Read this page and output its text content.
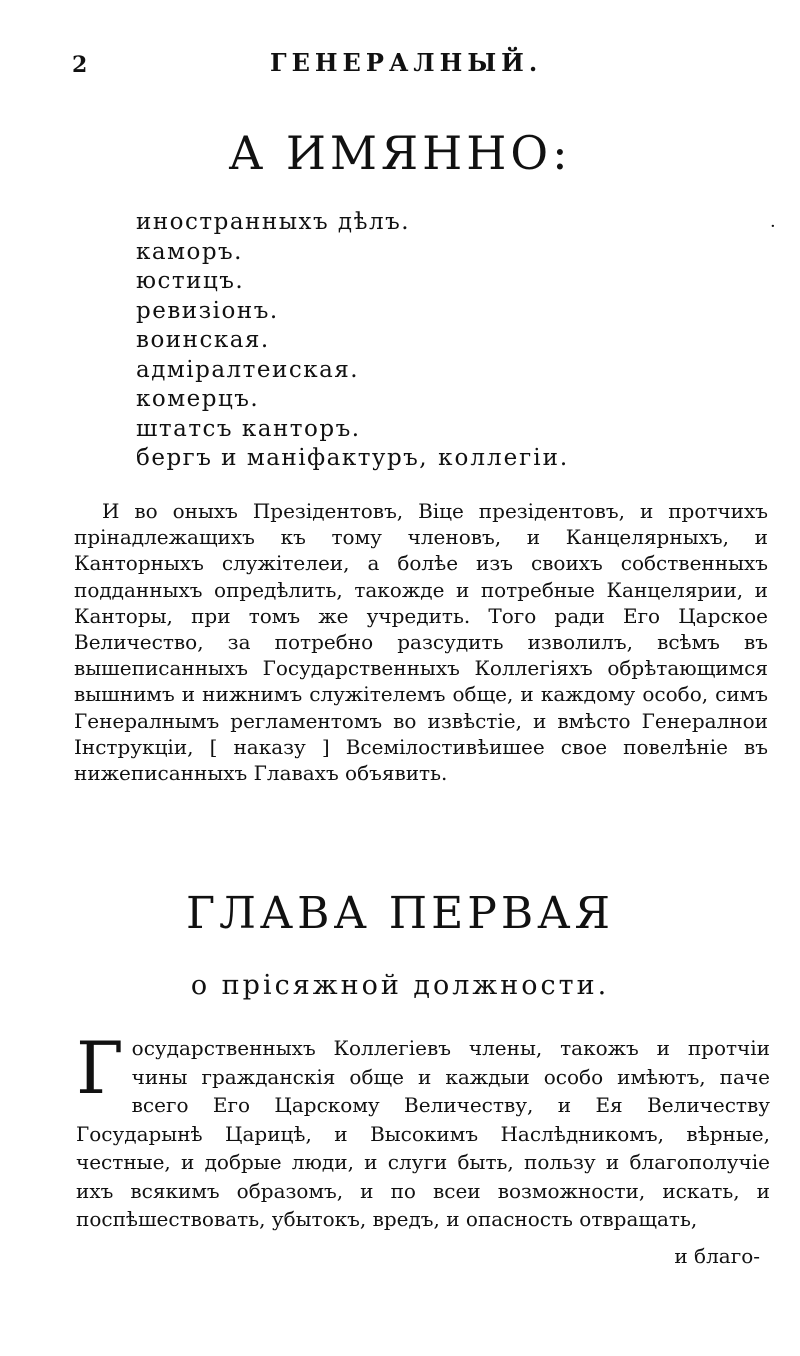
2	ГЕНЕРАЛНЫЙ.
А ИМЯННО:
иностранныхъ дѣлъ.
каморъ.
юстицъ.
ревизіонъ.
воинская.
адміралтеиская.
комерцъ.
штатсъ канторъ.
бергъ и маніфактуръ, коллегіи.
·

И во оныхъ Презідентовъ, Віце презідентовъ, и протчихъ прінадлежащихъ къ тому членовъ, и Канцелярныхъ, и Канторныхъ служітелеи, а болѣе изъ своихъ собственныхъ подданныхъ опредѣлить, такожде и потребные Канцелярии, и Канторы, при томъ же учредить. Того ради Его Царское Величество, за потребно разсудить изволилъ, всѣмъ въ вышеписанныхъ Государственныхъ Коллегіяхъ обрѣтающимся вышнимъ и нижнимъ служітелемъ обще, и каждому особо, симъ Генералнымъ регламентомъ во извѣстіе, и вмѣсто Генералнои Інструкціи, [ наказу ] Всемілостивѣишее свое повелѣніе въ нижеписанныхъ Главахъ объявить.

ГЛАВА ПЕРВАЯ
о прісяжной должности.

Государственныхъ Коллегіевъ члены, такожъ и протчіи чины гражданскія обще и каждыи особо имѣютъ, паче всего Его Царскому Величеству, и Ея Величеству Государынѣ Царицѣ, и Высокимъ Наслѣдникомъ, вѣрные, честные, и добрые люди, и слуги быть, пользу и благополучіе ихъ всякимъ образомъ, и по всеи возможности, искать, и поспѣшествовать, убытокъ, вредъ, и опасность отвращать,

и благо-
